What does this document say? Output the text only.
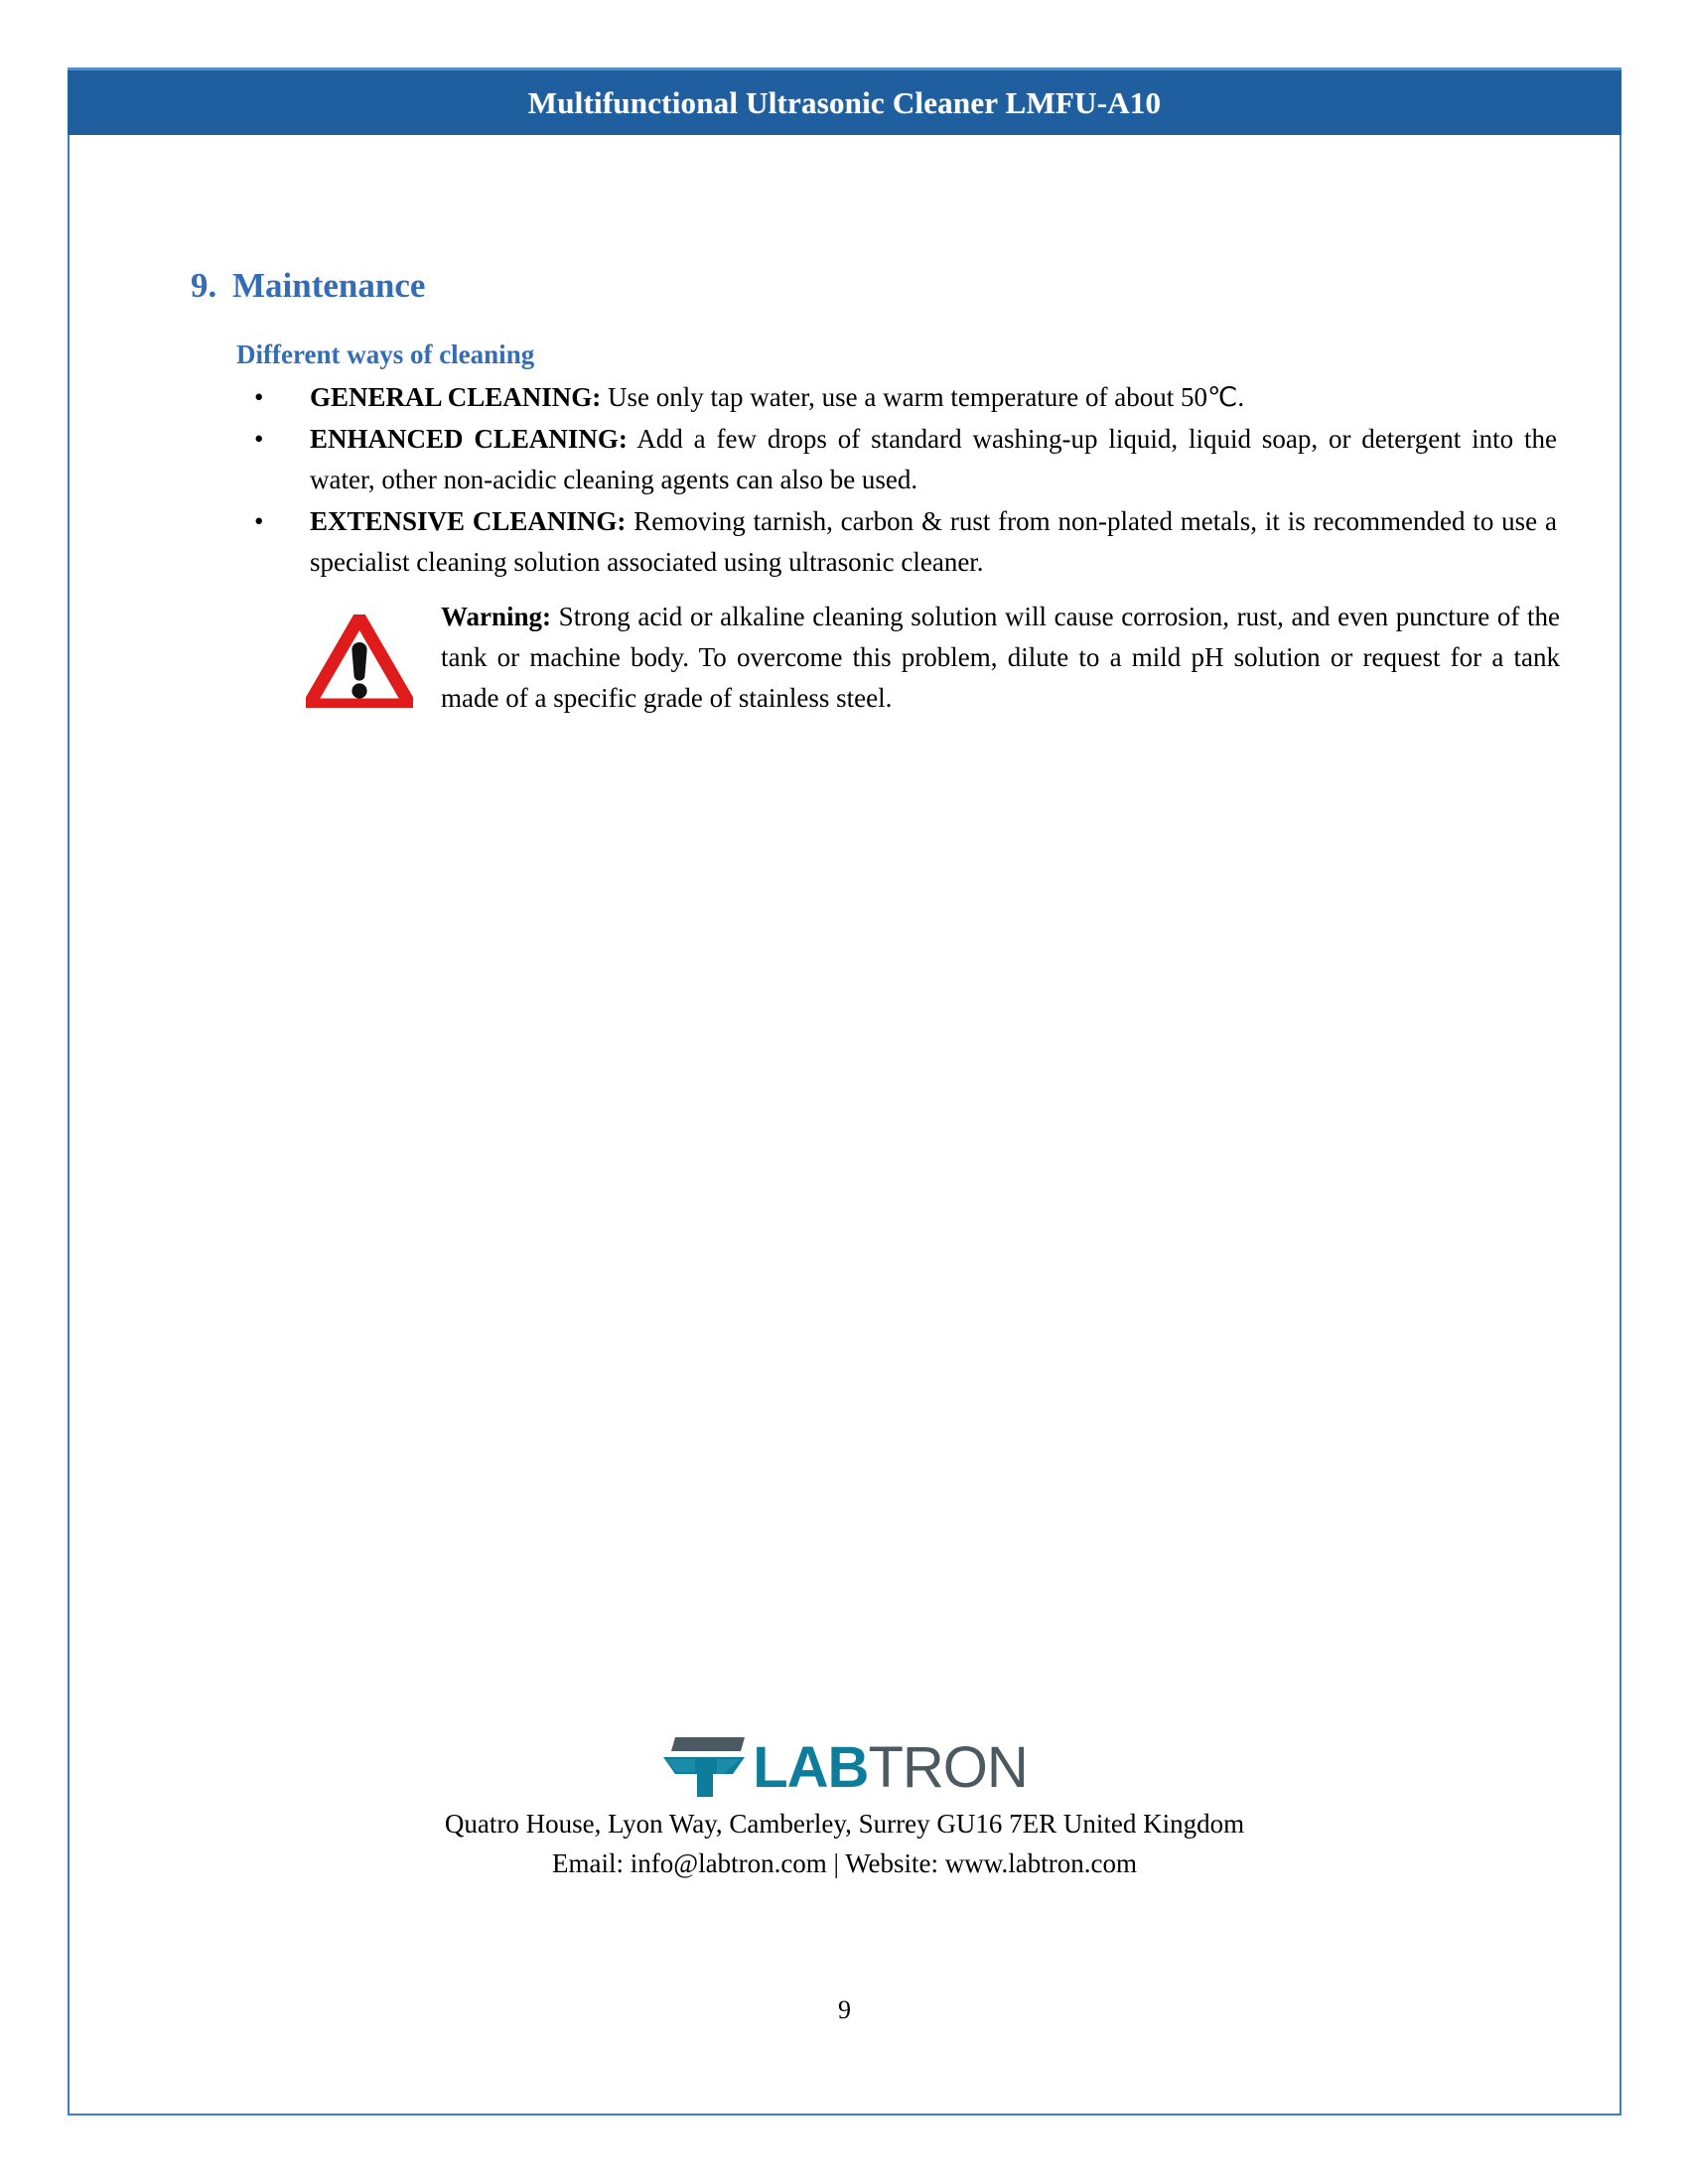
Multifunctional Ultrasonic Cleaner LMFU-A10
9. Maintenance
Different ways of cleaning
• GENERAL CLEANING: Use only tap water, use a warm temperature of about 50℃.
• ENHANCED CLEANING: Add a few drops of standard washing-up liquid, liquid soap, or detergent into the water, other non-acidic cleaning agents can also be used.
• EXTENSIVE CLEANING: Removing tarnish, carbon & rust from non-plated metals, it is recommended to use a specialist cleaning solution associated using ultrasonic cleaner.
Warning: Strong acid or alkaline cleaning solution will cause corrosion, rust, and even puncture of the tank or machine body. To overcome this problem, dilute to a mild pH solution or request for a tank made of a specific grade of stainless steel.
LABTRON
Quatro House, Lyon Way, Camberley, Surrey GU16 7ER United Kingdom
Email: info@labtron.com | Website: www.labtron.com
9
